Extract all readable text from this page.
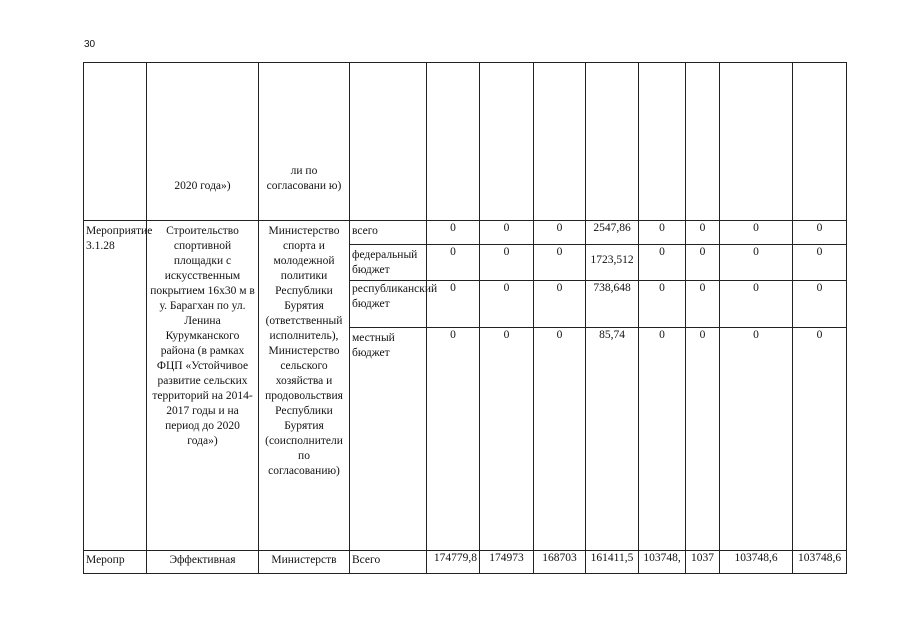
30
	2020 года»)	ли по согласовани ю)									
Мероприятие 3.1.28	Строительство спортивной площадки с искусственным покрытием 16х30 м в у. Барагхан по ул. Ленина Курумканского района (в рамках ФЦП «Устойчивое развитие сельских территорий на 2014-2017 годы и на период до 2020 года»)	Министерство спорта и молодежной политики Республики Бурятия (ответственный исполнитель), Министерство сельского хозяйства и продовольствия Республики Бурятия (соисполнители по согласованию)	всего	0	0	0	2547,86	0	0	0	0
			федеральный бюджет	0	0	0	1723,512	0	0	0	0
			республиканский бюджет	0	0	0	738,648	0	0	0	0
			местный бюджет	0	0	0	85,74	0	0	0	0
Меропр	Эффективная	Министерств	Всего	174779,8	174973	168703	161411,5	103748,	1037	103748,6	103748,6
